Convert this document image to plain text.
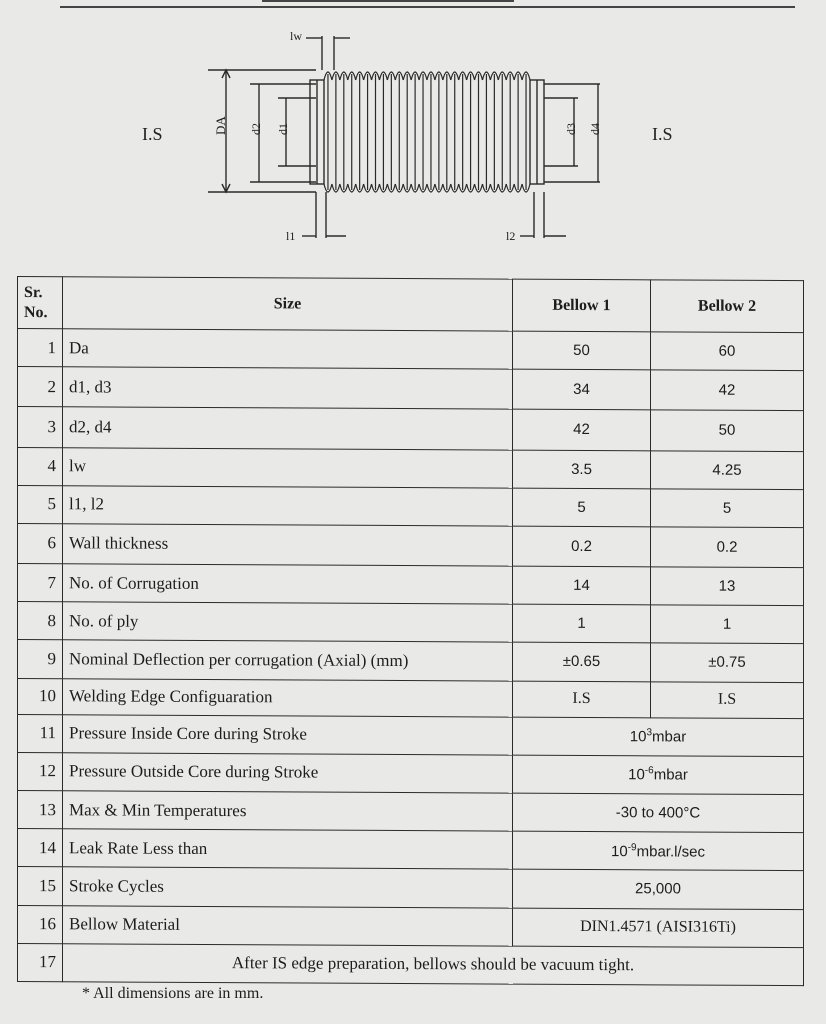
I.S	I.S
lw
DA d2 d1	d3 d4
l1	l2
Sr.
No.	Size	Bellow 1	Bellow 2
1	Da	50	60
2	d1, d3	34	42
3	d2, d4	42	50
4	lw	3.5	4.25
5	l1, l2	5	5
6	Wall thickness	0.2	0.2
7	No. of Corrugation	14	13
8	No. of ply	1	1
9	Nominal Deflection per corrugation (Axial) (mm)	±0.65	±0.75
10	Welding Edge Configuaration	I.S	I.S
11	Pressure Inside Core during Stroke	$10^3mbar$	
12	Pressure Outside Core during Stroke	$10^{-6}mbar$	
13	Max & Min Temperatures	-30 to 400°C	
14	Leak Rate Less than	$10^{-9}mbar.l/\sec$	
15	Stroke Cycles	25,000	
16	Bellow Material	DIN1.4571 (AISI316Ti)	
17	After IS edge preparation, bellows should be vacuum tight.		
* All dimensions are in mm.
